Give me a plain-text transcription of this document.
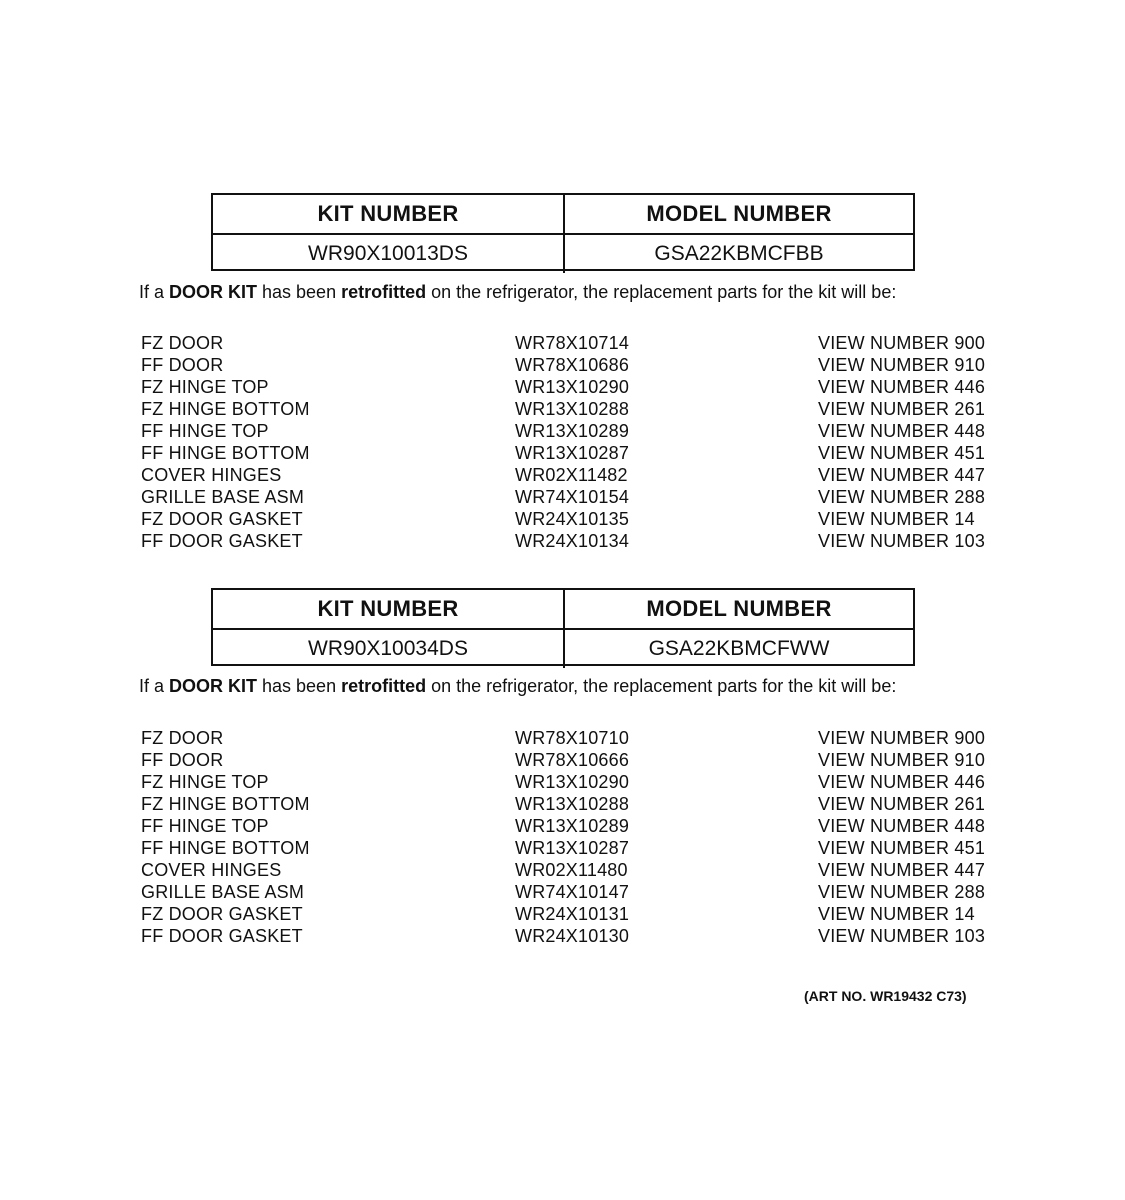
KIT NUMBER	MODEL NUMBER
WR90X10013DS	GSA22KBMCFBB
If a DOOR KIT has been retrofitted on the refrigerator, the replacement parts for the kit will be:
FZ DOOR	WR78X10714	VIEW NUMBER 900
FF DOOR	WR78X10686	VIEW NUMBER 910
FZ HINGE TOP	WR13X10290	VIEW NUMBER 446
FZ HINGE BOTTOM	WR13X10288	VIEW NUMBER 261
FF HINGE TOP	WR13X10289	VIEW NUMBER 448
FF HINGE BOTTOM	WR13X10287	VIEW NUMBER 451
COVER HINGES	WR02X11482	VIEW NUMBER 447
GRILLE BASE ASM	WR74X10154	VIEW NUMBER 288
FZ DOOR GASKET	WR24X10135	VIEW NUMBER 14
FF DOOR GASKET	WR24X10134	VIEW NUMBER 103
KIT NUMBER	MODEL NUMBER
WR90X10034DS	GSA22KBMCFWW
If a DOOR KIT has been retrofitted on the refrigerator, the replacement parts for the kit will be:
FZ DOOR	WR78X10710	VIEW NUMBER 900
FF DOOR	WR78X10666	VIEW NUMBER 910
FZ HINGE TOP	WR13X10290	VIEW NUMBER 446
FZ HINGE BOTTOM	WR13X10288	VIEW NUMBER 261
FF HINGE TOP	WR13X10289	VIEW NUMBER 448
FF HINGE BOTTOM	WR13X10287	VIEW NUMBER 451
COVER HINGES	WR02X11480	VIEW NUMBER 447
GRILLE BASE ASM	WR74X10147	VIEW NUMBER 288
FZ DOOR GASKET	WR24X10131	VIEW NUMBER 14
FF DOOR GASKET	WR24X10130	VIEW NUMBER 103
(ART NO. WR19432 C73)
